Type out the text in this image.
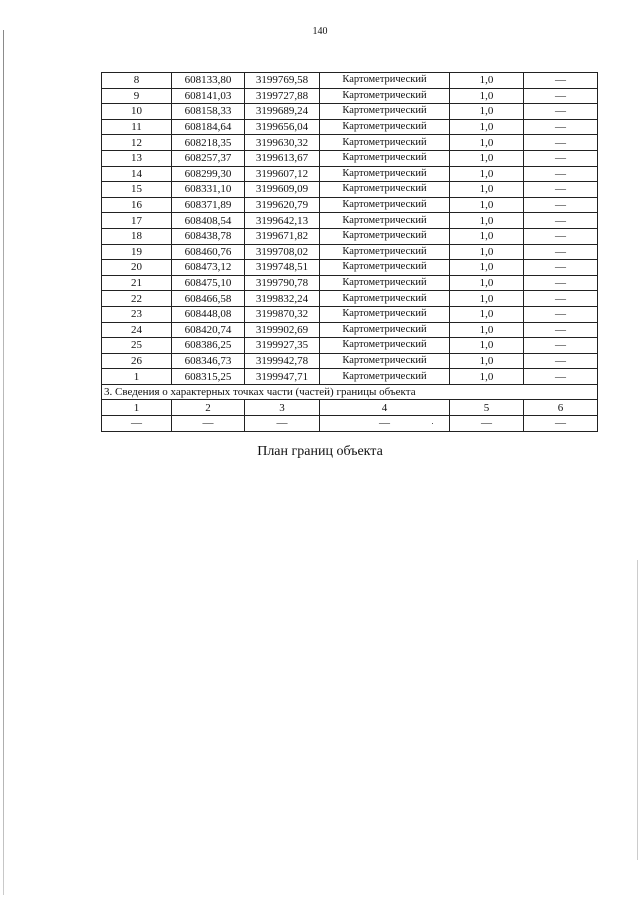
140
8	608133,80	3199769,58	Картометрический	1,0	—
9	608141,03	3199727,88	Картометрический	1,0	—
10	608158,33	3199689,24	Картометрический	1,0	—
11	608184,64	3199656,04	Картометрический	1,0	—
12	608218,35	3199630,32	Картометрический	1,0	—
13	608257,37	3199613,67	Картометрический	1,0	—
14	608299,30	3199607,12	Картометрический	1,0	—
15	608331,10	3199609,09	Картометрический	1,0	—
16	608371,89	3199620,79	Картометрический	1,0	—
17	608408,54	3199642,13	Картометрический	1,0	—
18	608438,78	3199671,82	Картометрический	1,0	—
19	608460,76	3199708,02	Картометрический	1,0	—
20	608473,12	3199748,51	Картометрический	1,0	—
21	608475,10	3199790,78	Картометрический	1,0	—
22	608466,58	3199832,24	Картометрический	1,0	—
23	608448,08	3199870,32	Картометрический	1,0	—
24	608420,74	3199902,69	Картометрический	1,0	—
25	608386,25	3199927,35	Картометрический	1,0	—
26	608346,73	3199942,78	Картометрический	1,0	—
1	608315,25	3199947,71	Картометрический	1,0	—
3. Сведения о характерных точках части (частей) границы объекта					
1	2	3	4	5	6
—	—	—	—	—	—
План границ объекта
